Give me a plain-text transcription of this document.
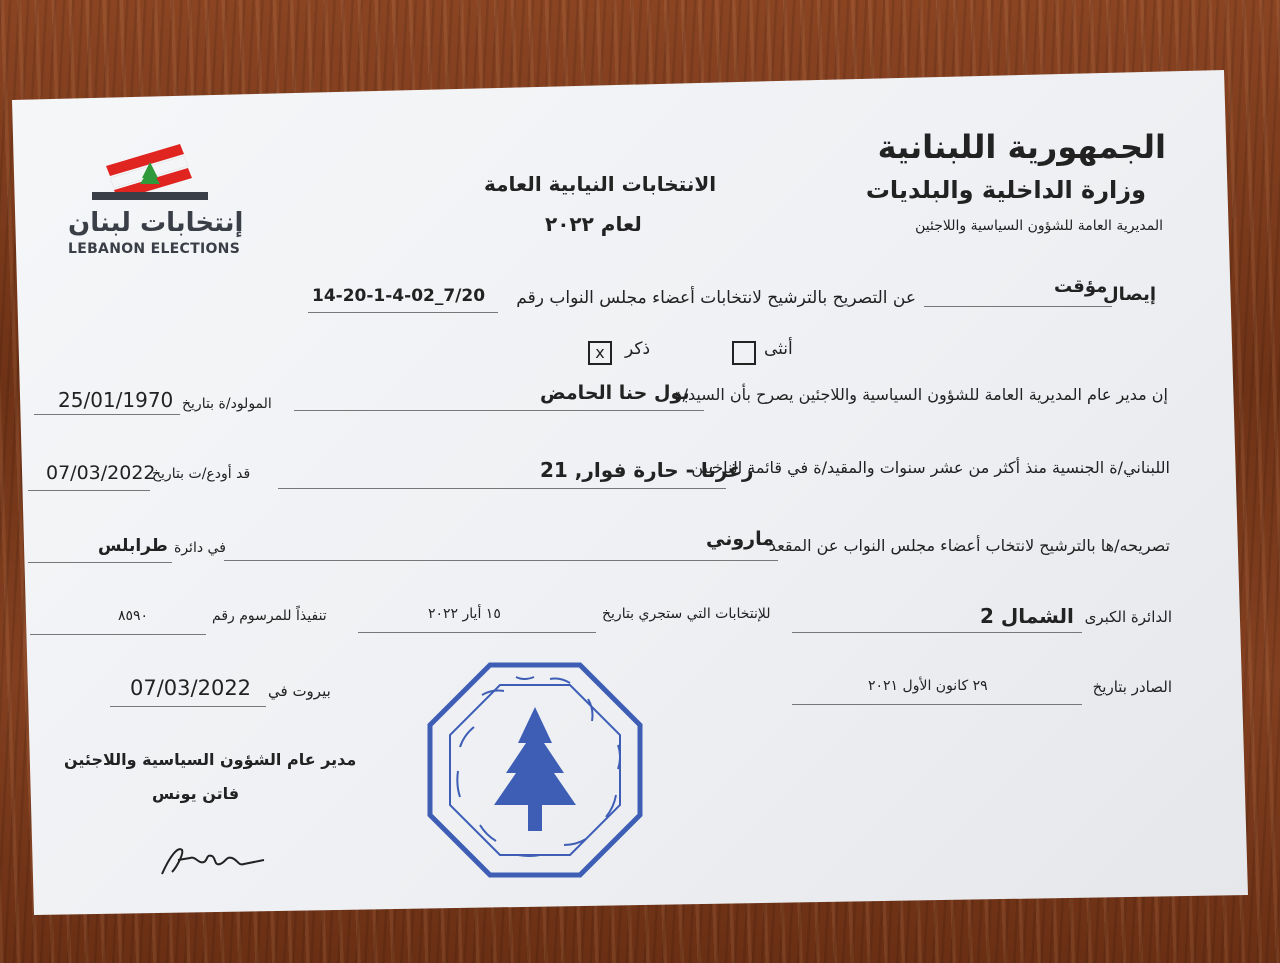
الجمهورية اللبنانية
وزارة الداخلية والبلديات
المديرية العامة للشؤون السياسية واللاجئين
الانتخابات النيابية العامة
لعام ٢٠٢٢
إنتخابات لبنان
LEBANON ELECTIONS
إيصال
مؤقت
عن التصريح بالترشيح لانتخابات أعضاء مجلس النواب رقم
14-20-1-4-02_7/20
أنثى
ذكر
x
إن مدير عام المديرية العامة للشؤون السياسية واللاجئين يصرح بأن السيد/ة
بول حنا الحامض
المولود/ة بتاريخ
25/01/1970
اللبناني/ة الجنسية منذ أكثر من عشر سنوات والمقيد/ة في قائمة الناخبين
زغرتا - حارة فوار, 21
قد أودع/ت بتاريخ
07/03/2022
تصريحه/ها بالترشيح لانتخاب أعضاء مجلس النواب عن المقعد
ماروني
في دائرة
طرابلس
الدائرة الكبرى
الشمال 2
للإنتخابات التي ستجري بتاريخ
١٥ أيار ٢٠٢٢
تنفيذاً للمرسوم رقم
٨٥٩٠
الصادر بتاريخ
٢٩ كانون الأول ٢٠٢١
بيروت في
07/03/2022
مدير عام الشؤون السياسية واللاجئين
فاتن يونس
